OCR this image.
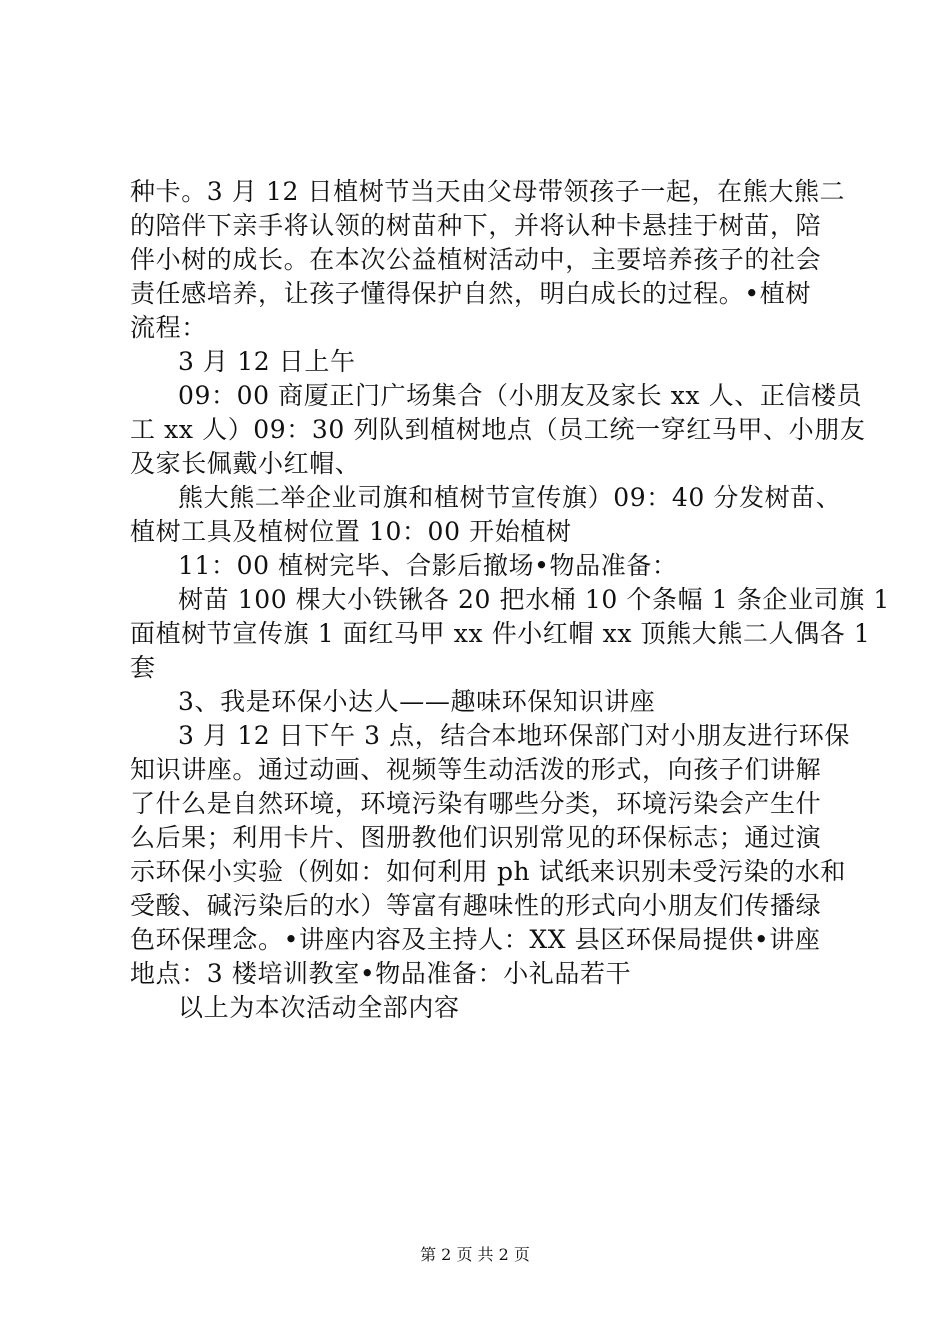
种卡。3 月 12 日植树节当天由父母带领孩子一起，在熊大熊二
的陪伴下亲手将认领的树苗种下，并将认种卡悬挂于树苗，陪
伴小树的成长。在本次公益植树活动中，主要培养孩子的社会
责任感培养，让孩子懂得保护自然，明白成长的过程。•植树
流程：
3 月 12 日上午
09：00 商厦正门广场集合（小朋友及家长 xx 人、正信楼员
工 xx 人）09：30 列队到植树地点（员工统一穿红马甲、小朋友
及家长佩戴小红帽、
熊大熊二举企业司旗和植树节宣传旗）09：40 分发树苗、
植树工具及植树位置 10：00 开始植树
11：00 植树完毕、合影后撤场•物品准备：
树苗 100 棵大小铁锹各 20 把水桶 10 个条幅 1 条企业司旗 1
面植树节宣传旗 1 面红马甲 xx 件小红帽 xx 顶熊大熊二人偶各 1
套
3、我是环保小达人——趣味环保知识讲座
3 月 12 日下午 3 点，结合本地环保部门对小朋友进行环保
知识讲座。通过动画、视频等生动活泼的形式，向孩子们讲解
了什么是自然环境，环境污染有哪些分类，环境污染会产生什
么后果；利用卡片、图册教他们识别常见的环保标志；通过演
示环保小实验（例如：如何利用 ph 试纸来识别未受污染的水和
受酸、碱污染后的水）等富有趣味性的形式向小朋友们传播绿
色环保理念。•讲座内容及主持人：XX 县区环保局提供•讲座
地点：3 楼培训教室•物品准备：小礼品若干
以上为本次活动全部内容
第 2 页 共 2 页
